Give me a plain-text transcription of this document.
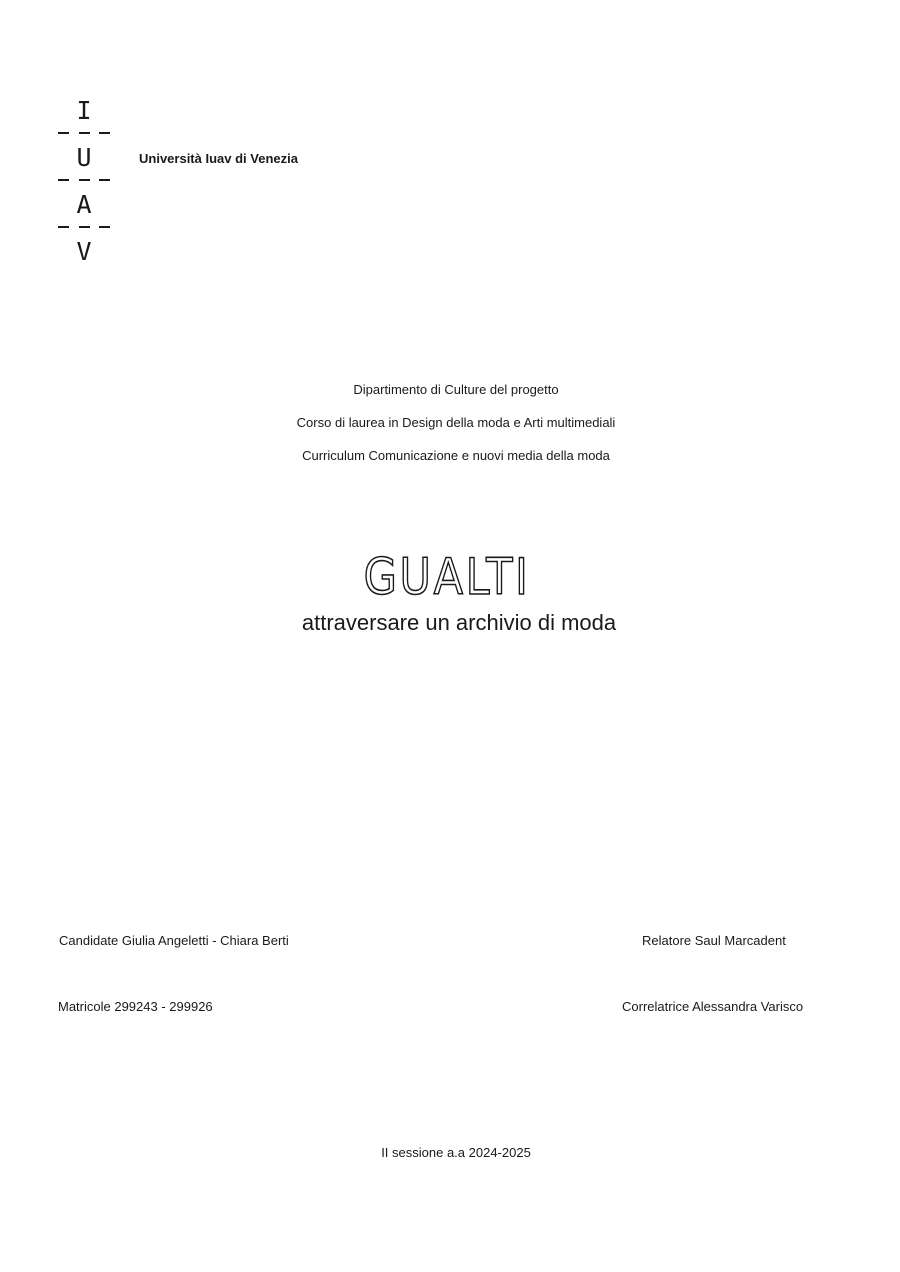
I
U
A
V
Università Iuav di Venezia
Dipartimento di Culture del progetto
Corso di laurea in Design della moda e Arti multimediali
Curriculum Comunicazione e nuovi media della moda
GUALTI
attraversare un archivio di moda
Candidate Giulia Angeletti - Chiara Berti	Relatore Saul Marcadent
Matricole 299243 - 299926	Correlatrice Alessandra Varisco
II sessione a.a 2024-2025
